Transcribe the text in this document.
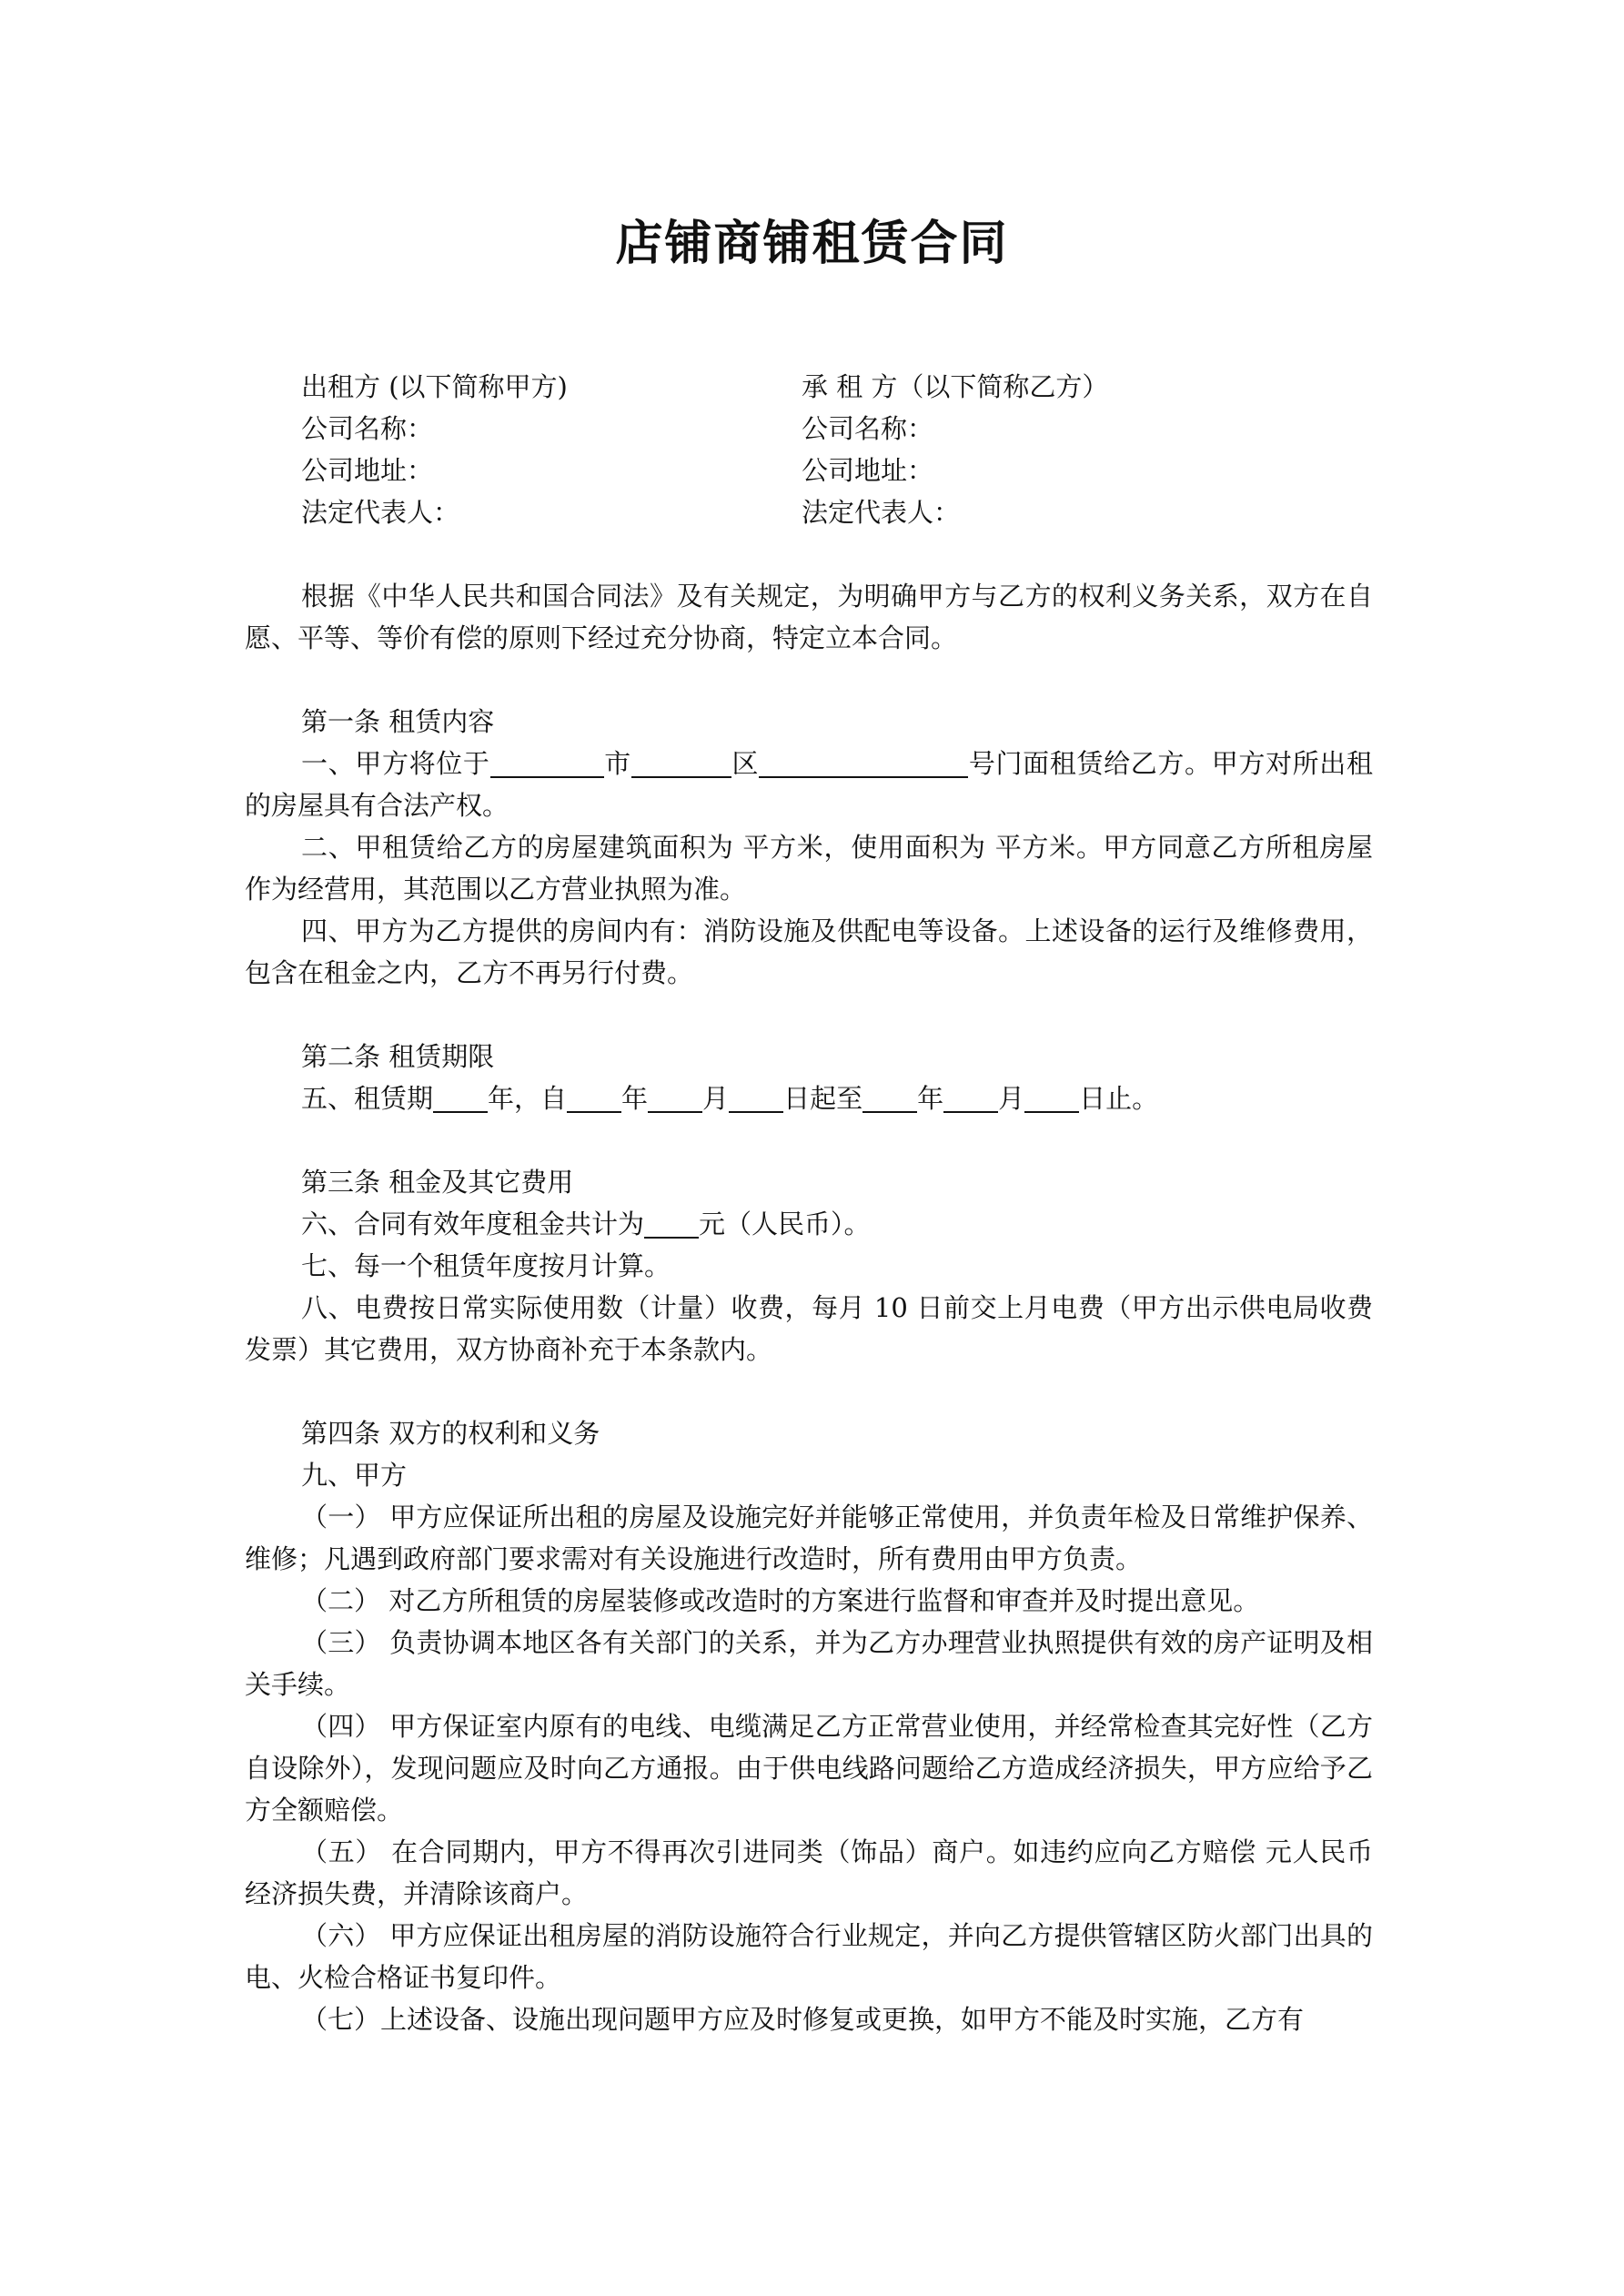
店铺商铺租赁合同
出租方 (以下简称甲方)	承 租 方（以下简称乙方）
公司名称：	公司名称：
公司地址：	公司地址：
法定代表人：	法定代表人：

根据《中华人民共和国合同法》及有关规定，为明确甲方与乙方的权利义务关系，双方在自愿、平等、等价有偿的原则下经过充分协商，特定立本合同。

第一条 租赁内容

一、甲方将位于	市	区	号门面租赁给乙方。甲方对所出租的房屋具有合法产权。

二、甲租赁给乙方的房屋建筑面积为 平方米，使用面积为 平方米。甲方同意乙方所租房屋作为经营用，其范围以乙方营业执照为准。

四、甲方为乙方提供的房间内有：消防设施及供配电等设备。上述设备的运行及维修费用，包含在租金之内，乙方不再另行付费。

第二条 租赁期限

五、租赁期 年，自 年 月 日起至 年 月 日止。

第三条 租金及其它费用

六、合同有效年度租金共计为 元（人民币）。

七、每一个租赁年度按月计算。

八、电费按日常实际使用数（计量）收费，每月 10 日前交上月电费（甲方出示供电局收费发票）其它费用，双方协商补充于本条款内。

第四条 双方的权利和义务

九、甲方

（一） 甲方应保证所出租的房屋及设施完好并能够正常使用，并负责年检及日常维护保养、维修；凡遇到政府部门要求需对有关设施进行改造时，所有费用由甲方负责。

（二） 对乙方所租赁的房屋装修或改造时的方案进行监督和审查并及时提出意见。

（三） 负责协调本地区各有关部门的关系，并为乙方办理营业执照提供有效的房产证明及相关手续。

（四） 甲方保证室内原有的电线、电缆满足乙方正常营业使用，并经常检查其完好性（乙方自设除外），发现问题应及时向乙方通报。由于供电线路问题给乙方造成经济损失，甲方应给予乙方全额赔偿。

（五） 在合同期内，甲方不得再次引进同类（饰品）商户。如违约应向乙方赔偿 元人民币经济损失费，并清除该商户。

（六） 甲方应保证出租房屋的消防设施符合行业规定，并向乙方提供管辖区防火部门出具的电、火检合格证书复印件。

（七）上述设备、设施出现问题甲方应及时修复或更换，如甲方不能及时实施，乙方有
